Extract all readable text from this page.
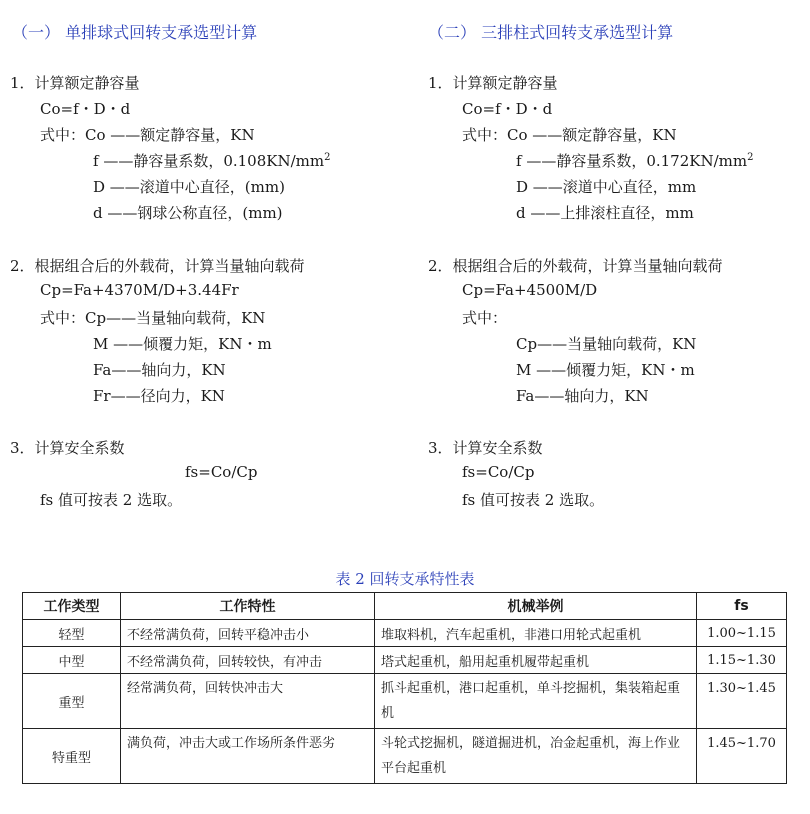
（一） 单排球式回转支承选型计算
1．计算额定静容量
Co=f・D・d
式中：Co ——额定静容量，KN
f ——静容量系数，$0.108KN/mm^2$
D ——滚道中心直径，(mm)
d ——钢球公称直径，(mm)
2．根据组合后的外载荷，计算当量轴向载荷
Cp=Fa+4370M/D+3.44Fr
式中：Cp——当量轴向载荷，KN
M ——倾覆力矩，KN・m
Fa——轴向力，KN
Fr——径向力，KN
3．计算安全系数
fs=Co/Cp
fs 值可按表 2 选取。
（二） 三排柱式回转支承选型计算
1．计算额定静容量
Co=f・D・d
式中：Co ——额定静容量，KN
f ——静容量系数，$0.172KN/mm^2$
D ——滚道中心直径，mm
d ——上排滚柱直径，mm
2．根据组合后的外载荷，计算当量轴向载荷
Cp=Fa+4500M/D
式中：
Cp——当量轴向载荷，KN
M ——倾覆力矩，KN・m
Fa——轴向力，KN
3．计算安全系数
fs=Co/Cp
fs 值可按表 2 选取。
表 2 回转支承特性表
工作类型	工作特性	机械举例	fs
轻型	不经常满负荷，回转平稳冲击小	堆取料机，汽车起重机，非港口用轮式起重机	1.00~1.15
中型	不经常满负荷，回转较快，有冲击	塔式起重机，船用起重机履带起重机	1.15~1.30
重型	经常满负荷，回转快冲击大	抓斗起重机，港口起重机，单斗挖掘机，集装箱起重机	1.30~1.45
特重型	满负荷，冲击大或工作场所条件恶劣	斗轮式挖掘机，隧道掘进机，冶金起重机，海上作业平台起重机	1.45~1.70
